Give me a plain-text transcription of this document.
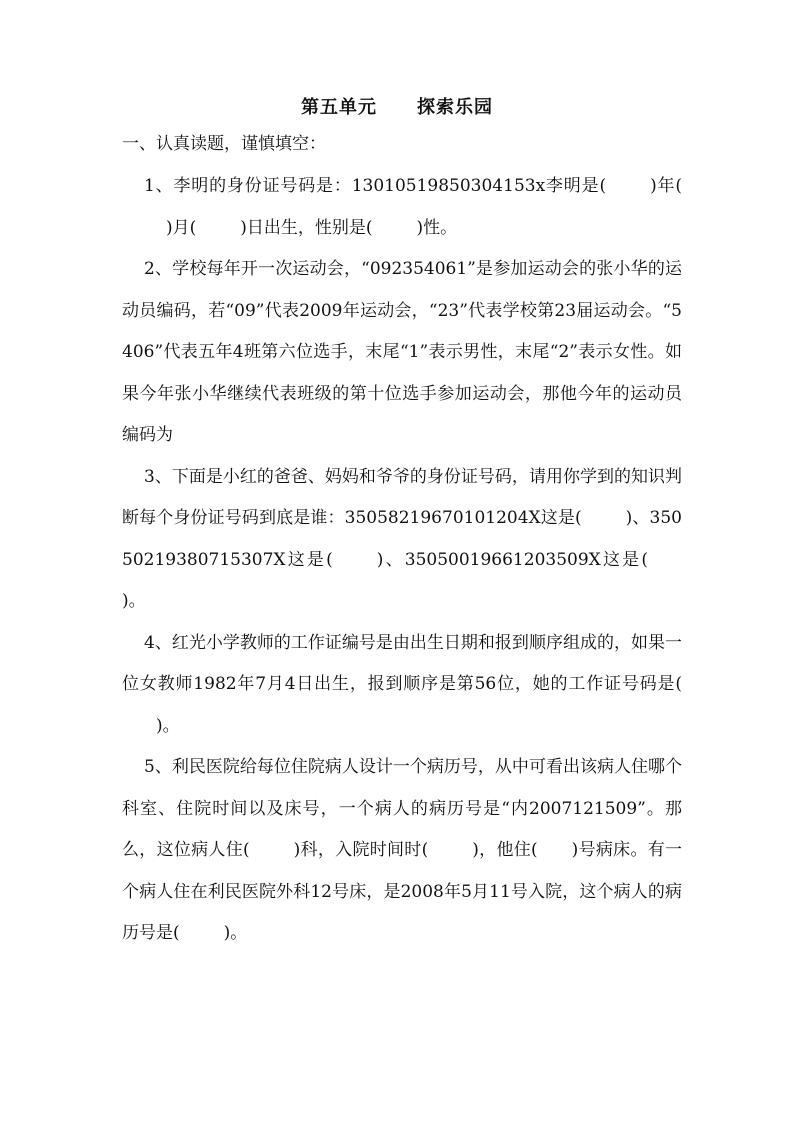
第五单元 探索乐园
一、认真读题，谨慎填空：

1、李明的身份证号码是：13010519850304153x李明是(	)年()月(	)日出生，性别是(	)性。

2、学校每年开一次运动会，“092354061”是参加运动会的张小华的运动员编码，若“09”代表2009年运动会，“23”代表学校第23届运动会。“5406”代表五年4班第六位选手，末尾“1”表示男性，末尾“2”表示女性。如果今年张小华继续代表班级的第十位选手参加运动会，那他今年的运动员编码为

3、下面是小红的爸爸、妈妈和爷爷的身份证号码，请用你学到的知识判断每个身份证号码到底是谁：35058219670101204X这是(	)、35050219380715307X这是(	)、35050019661203509X这是()。

4、红光小学教师的工作证编号是由出生日期和报到顺序组成的，如果一位女教师1982年7月4日出生，报到顺序是第56位，她的工作证号码是()。

5、利民医院给每位住院病人设计一个病历号，从中可看出该病人住哪个科室、住院时间以及床号，一个病人的病历号是“内2007121509”。那么，这位病人住(	)科，入院时间时(	)，他住( )号病床。有一个病人住在利民医院外科12号床，是2008年5月11号入院，这个病人的病历号是(	)。
